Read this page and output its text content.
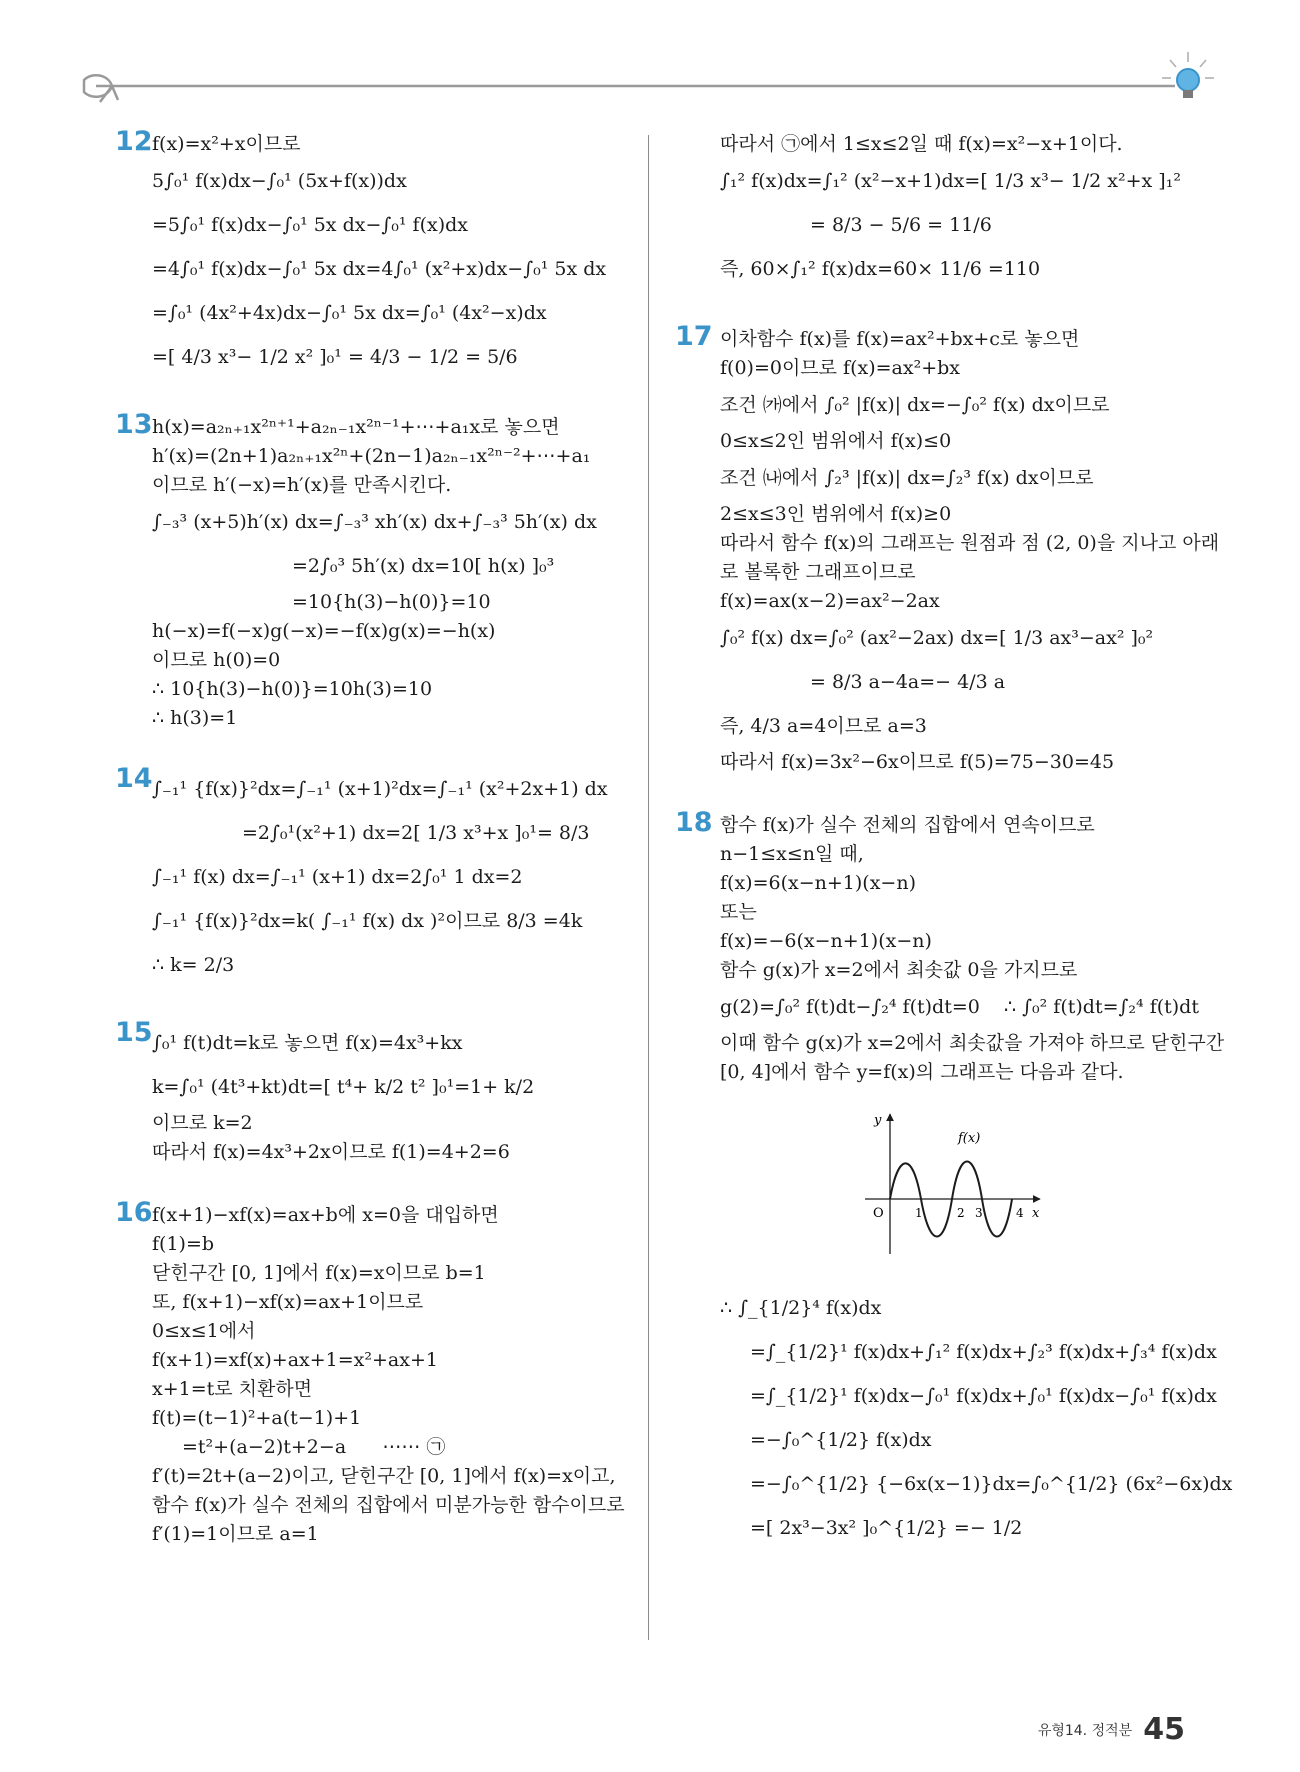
12 f(x)=x²+x이므로
5∫₀¹ f(x)dx−∫₀¹ (5x+f(x))dx
=5∫₀¹ f(x)dx−∫₀¹ 5x dx−∫₀¹ f(x)dx
=4∫₀¹ f(x)dx−∫₀¹ 5x dx=4∫₀¹ (x²+x)dx−∫₀¹ 5x dx
=∫₀¹ (4x²+4x)dx−∫₀¹ 5x dx=∫₀¹ (4x²−x)dx
=[ 4/3 x³− 1/2 x² ]₀¹ = 4/3 − 1/2 = 5/6
13 h(x)=a₂ₙ₊₁x²ⁿ⁺¹+a₂ₙ₋₁x²ⁿ⁻¹+⋯+a₁x로 놓으면
h′(x)=(2n+1)a₂ₙ₊₁x²ⁿ+(2n−1)a₂ₙ₋₁x²ⁿ⁻²+⋯+a₁
이므로 h′(−x)=h′(x)를 만족시킨다.
∫₋₃³ (x+5)h′(x) dx=∫₋₃³ xh′(x) dx+∫₋₃³ 5h′(x) dx
=2∫₀³ 5h′(x) dx=10[ h(x) ]₀³
=10{h(3)−h(0)}=10
h(−x)=f(−x)g(−x)=−f(x)g(x)=−h(x)
이므로 h(0)=0
∴ 10{h(3)−h(0)}=10h(3)=10
∴ h(3)=1
14 ∫₋₁¹ {f(x)}²dx=∫₋₁¹ (x+1)²dx=∫₋₁¹ (x²+2x+1) dx
=2∫₀¹(x²+1) dx=2[ 1/3 x³+x ]₀¹= 8/3
∫₋₁¹ f(x) dx=∫₋₁¹ (x+1) dx=2∫₀¹ 1 dx=2
∫₋₁¹ {f(x)}²dx=k( ∫₋₁¹ f(x) dx )²이므로 8/3 =4k
∴ k= 2/3
15 ∫₀¹ f(t)dt=k로 놓으면 f(x)=4x³+kx
k=∫₀¹ (4t³+kt)dt=[ t⁴+ k/2 t² ]₀¹=1+ k/2
이므로 k=2
따라서 f(x)=4x³+2x이므로 f(1)=4+2=6
16 f(x+1)−xf(x)=ax+b에 x=0을 대입하면
f(1)=b
닫힌구간 [0, 1]에서 f(x)=x이므로 b=1
또, f(x+1)−xf(x)=ax+1이므로
0≤x≤1에서
f(x+1)=xf(x)+ax+1=x²+ax+1
x+1=t로 치환하면
f(t)=(t−1)²+a(t−1)+1
=t²+(a−2)t+2−a      ⋯⋯ ㉠
f′(t)=2t+(a−2)이고, 닫힌구간 [0, 1]에서 f(x)=x이고,
함수 f(x)가 실수 전체의 집합에서 미분가능한 함수이므로
f′(1)=1이므로 a=1
따라서 ㉠에서 1≤x≤2일 때 f(x)=x²−x+1이다.
∫₁² f(x)dx=∫₁² (x²−x+1)dx=[ 1/3 x³− 1/2 x²+x ]₁²
= 8/3 − 5/6 = 11/6
즉, 60×∫₁² f(x)dx=60× 11/6 =110
17 이차함수 f(x)를 f(x)=ax²+bx+c로 놓으면
f(0)=0이므로 f(x)=ax²+bx
조건 ㈎에서 ∫₀² |f(x)| dx=−∫₀² f(x) dx이므로
0≤x≤2인 범위에서 f(x)≤0
조건 ㈏에서 ∫₂³ |f(x)| dx=∫₂³ f(x) dx이므로
2≤x≤3인 범위에서 f(x)≥0
따라서 함수 f(x)의 그래프는 원점과 점 (2, 0)을 지나고 아래
로 볼록한 그래프이므로
f(x)=ax(x−2)=ax²−2ax
∫₀² f(x) dx=∫₀² (ax²−2ax) dx=[ 1/3 ax³−ax² ]₀²
= 8/3 a−4a=− 4/3 a
즉, 4/3 a=4이므로 a=3
따라서 f(x)=3x²−6x이므로 f(5)=75−30=45
18 함수 f(x)가 실수 전체의 집합에서 연속이므로
n−1≤x≤n일 때,
f(x)=6(x−n+1)(x−n)
또는
f(x)=−6(x−n+1)(x−n)
함수 g(x)가 x=2에서 최솟값 0을 가지므로
g(2)=∫₀² f(t)dt−∫₂⁴ f(t)dt=0    ∴ ∫₀² f(t)dt=∫₂⁴ f(t)dt
이때 함수 g(x)가 x=2에서 최솟값을 가져야 하므로 닫힌구간
[0, 4]에서 함수 y=f(x)의 그래프는 다음과 같다.
y
x
f(x)
O	1	2 3	4
∴ ∫_{1/2}⁴ f(x)dx
=∫_{1/2}¹ f(x)dx+∫₁² f(x)dx+∫₂³ f(x)dx+∫₃⁴ f(x)dx
=∫_{1/2}¹ f(x)dx−∫₀¹ f(x)dx+∫₀¹ f(x)dx−∫₀¹ f(x)dx
=−∫₀^{1/2} f(x)dx
=−∫₀^{1/2} {−6x(x−1)}dx=∫₀^{1/2} (6x²−6x)dx
=[ 2x³−3x² ]₀^{1/2} =− 1/2
유형14. 정적분 45
